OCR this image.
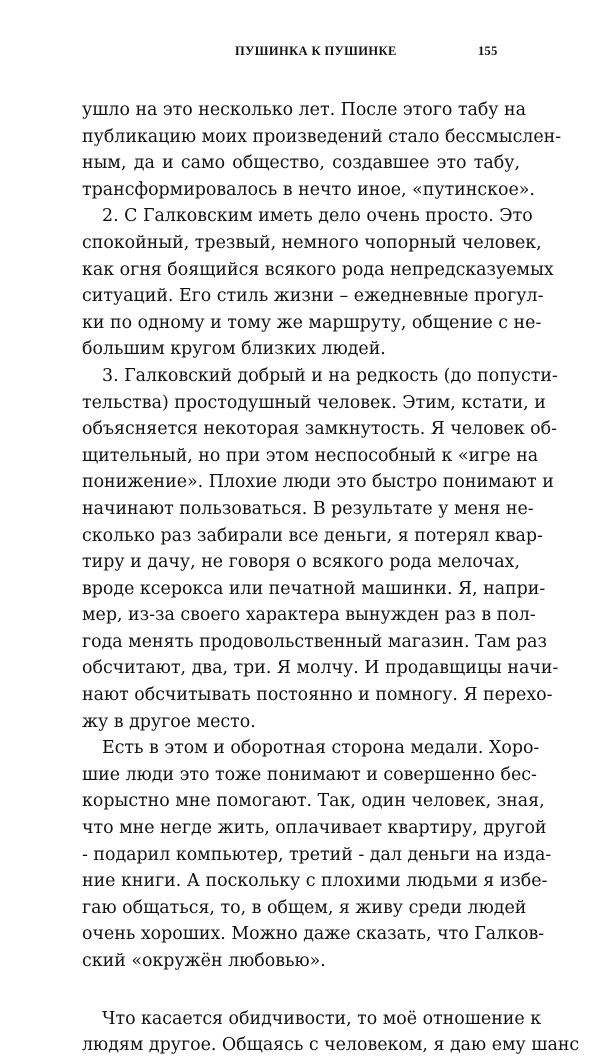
ПУШИНКА К ПУШИНКЕ	155
ушло на это несколько лет. После этого табу на
публикацию моих произведений стало бессмыслен-
ным, да и само общество, создавшее это табу,
трансформировалось в нечто иное, «путинское».
2. С Галковским иметь дело очень просто. Это
спокойный, трезвый, немного чопорный человек,
как огня боящийся всякого рода непредсказуемых
ситуаций. Его стиль жизни – ежедневные прогул-
ки по одному и тому же маршруту, общение с не-
большим кругом близких людей.
3. Галковский добрый и на редкость (до попусти-
тельства) простодушный человек. Этим, кстати, и
объясняется некоторая замкнутость. Я человек об-
щительный, но при этом неспособный к «игре на
понижение». Плохие люди это быстро понимают и
начинают пользоваться. В результате у меня не-
сколько раз забирали все деньги, я потерял квар-
тиру и дачу, не говоря о всякого рода мелочах,
вроде ксерокса или печатной машинки. Я, напри-
мер, из-за своего характера вынужден раз в пол-
года менять продовольственный магазин. Там раз
обсчитают, два, три. Я молчу. И продавщицы начи-
нают обсчитывать постоянно и помногу. Я перехо-
жу в другое место.
Есть в этом и оборотная сторона медали. Хоро-
шие люди это тоже понимают и совершенно бес-
корыстно мне помогают. Так, один человек, зная,
что мне негде жить, оплачивает квартиру, другой
- подарил компьютер, третий - дал деньги на изда-
ние книги. А поскольку с плохими людьми я избе-
гаю общаться, то, в общем, я живу среди людей
очень хороших. Можно даже сказать, что Галков-
ский «окружён любовью».
Что касается обидчивости, то моё отношение к
людям другое. Общаясь с человеком, я даю ему шанс
